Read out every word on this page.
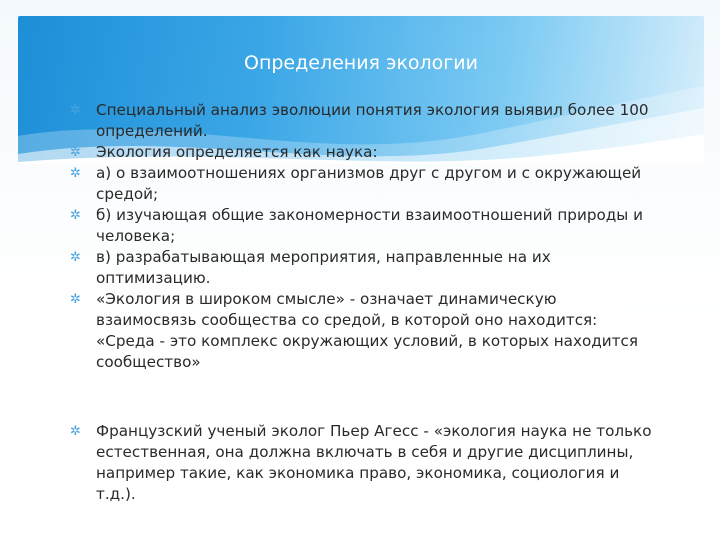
Определения экологии
✲ Специальный анализ эволюции понятия экология выявил более 100 определений.
✲ Экология определяется как наука:
✲ а) о взаимоотношениях организмов друг с другом и с окружающей средой;
✲ б) изучающая общие закономерности взаимоотношений природы и человека;
✲ в) разрабатывающая мероприятия, направленные на их оптимизацию.
✲ «Экология в широком смысле» - означает динамическую взаимосвязь сообщества со средой, в которой оно находится: «Среда - это комплекс окружающих условий, в которых находится сообщество»
✲ Французский ученый эколог Пьер Агесс - «экология наука не только естественная, она должна включать в себя и другие дисциплины, например такие, как экономика право, экономика, социология и т.д.).
